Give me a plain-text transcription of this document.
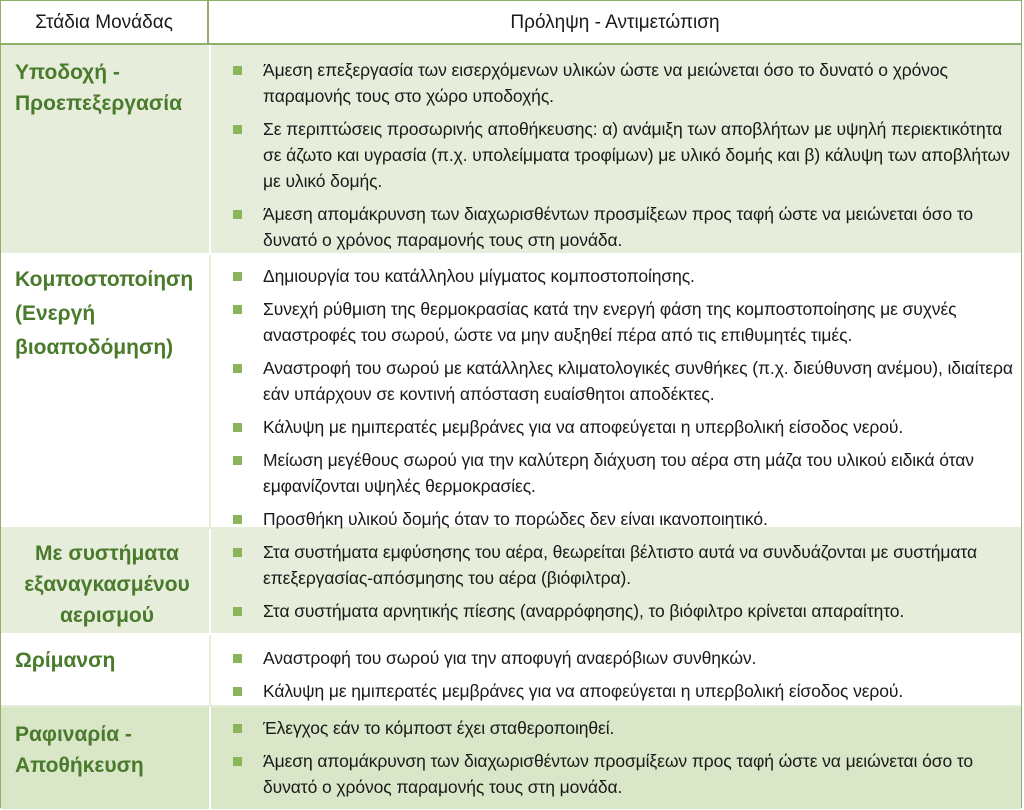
Στάδια Μονάδας	Πρόληψη - Αντιμετώπιση
Υποδοχή - Προεπεξεργασία
Άμεση επεξεργασία των εισερχόμενων υλικών ώστε να μειώνεται όσο το δυνατό ο χρόνος παραμονής τους στο χώρο υποδοχής.
Σε περιπτώσεις προσωρινής αποθήκευσης: α) ανάμιξη των αποβλήτων με υψηλή περιεκτικότητα σε άζωτο και υγρασία (π.χ. υπολείμματα τροφίμων) με υλικό δομής και β) κάλυψη των αποβλήτων με υλικό δομής.
Άμεση απομάκρυνση των διαχωρισθέντων προσμίξεων προς ταφή ώστε να μειώνεται όσο το δυνατό ο χρόνος παραμονής τους στη μονάδα.
Κομποστοποίηση
(Ενεργή βιοαποδόμηση)
Δημιουργία του κατάλληλου μίγματος κομποστοποίησης.
Συνεχή ρύθμιση της θερμοκρασίας κατά την ενεργή φάση της κομποστοποίησης με συχνές αναστροφές του σωρού, ώστε να μην αυξηθεί πέρα από τις επιθυμητές τιμές.
Αναστροφή του σωρού με κατάλληλες κλιματολογικές συνθήκες (π.χ. διεύθυνση ανέμου), ιδιαίτερα εάν υπάρχουν σε κοντινή απόσταση ευαίσθητοι αποδέκτες.
Κάλυψη με ημιπερατές μεμβράνες για να αποφεύγεται η υπερβολική είσοδος νερού.
Μείωση μεγέθους σωρού για την καλύτερη διάχυση του αέρα στη μάζα του υλικού ειδικά όταν εμφανίζονται υψηλές θερμοκρασίες.
Προσθήκη υλικού δομής όταν το πορώδες δεν είναι ικανοποιητικό.
Με συστήματα εξαναγκασμένου αερισμού
Στα συστήματα εμφύσησης του αέρα, θεωρείται βέλτιστο αυτά να συνδυάζονται με συστήματα επεξεργασίας-απόσμησης του αέρα (βιόφιλτρα).
Στα συστήματα αρνητικής πίεσης (αναρρόφησης), το βιόφιλτρο κρίνεται απαραίτητο.
Ωρίμανση	Αναστροφή του σωρού για την αποφυγή αναερόβιων συνθηκών.
Κάλυψη με ημιπερατές μεμβράνες για να αποφεύγεται η υπερβολική είσοδος νερού.
Ραφιναρία - Αποθήκευση
Έλεγχος εάν το κόμποστ έχει σταθεροποιηθεί.
Άμεση απομάκρυνση των διαχωρισθέντων προσμίξεων προς ταφή ώστε να μειώνεται όσο το δυνατό ο χρόνος παραμονής τους στη μονάδα.
